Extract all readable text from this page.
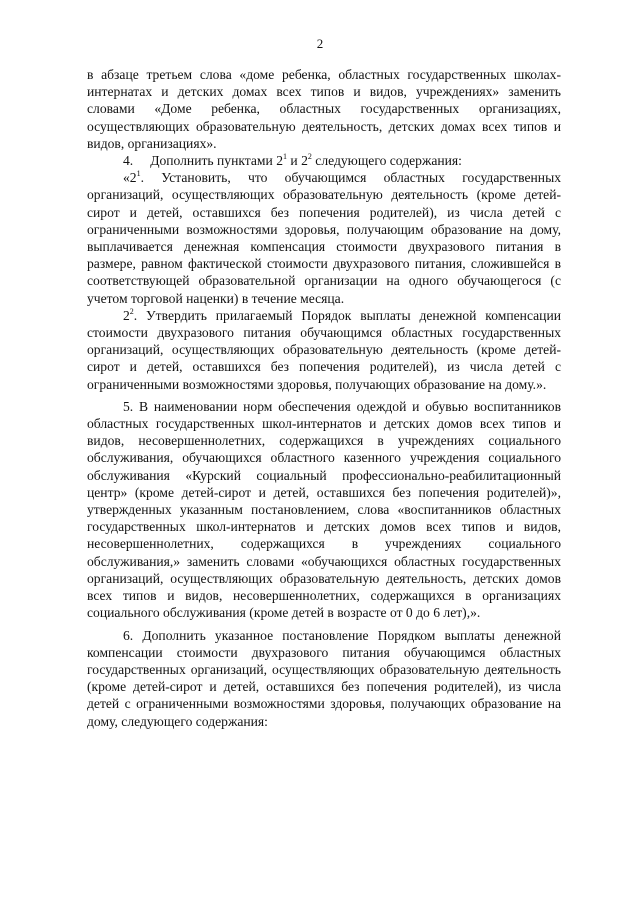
2

в абзаце третьем слова «доме ребенка, областных государственных школах-интернатах и детских домах всех типов и видов, учреждениях» заменить словами «Доме ребенка, областных государственных организациях, осуществляющих образовательную деятельность, детских домах всех типов и видов, организациях».

4.     Дополнить пунктами $2^1$ и $2^2$ следующего содержания:

«$2^1$. Установить, что обучающимся областных государственных организаций, осуществляющих образовательную деятельность (кроме детей-сирот и детей, оставшихся без попечения родителей), из числа детей с ограниченными возможностями здоровья, получающим образование на дому, выплачивается денежная компенсация стоимости двухразового питания в размере, равном фактической стоимости двухразового питания, сложившейся в соответствующей образовательной организации на одного обучающегося (с учетом торговой наценки) в течение месяца.

$2^2$. Утвердить прилагаемый Порядок выплаты денежной компенсации стоимости двухразового питания обучающимся областных государственных организаций, осуществляющих образовательную деятельность (кроме детей-сирот и детей, оставшихся без попечения родителей), из числа детей с ограниченными возможностями здоровья, получающих образование на дому.».

5. В наименовании норм обеспечения одеждой и обувью воспитанников областных государственных школ-интернатов и детских домов всех типов и видов, несовершеннолетних, содержащихся в учреждениях социального обслуживания, обучающихся областного казенного учреждения социального обслуживания «Курский социальный профессионально-реабилитационный центр» (кроме детей-сирот и детей, оставшихся без попечения родителей)», утвержденных указанным постановлением, слова «воспитанников областных государственных школ-интернатов и детских домов всех типов и видов, несовершеннолетних, содержащихся в учреждениях социального обслуживания,» заменить словами «обучающихся областных государственных организаций, осуществляющих образовательную деятельность, детских домов всех типов и видов, несовершеннолетних, содержащихся в организациях социального обслуживания (кроме детей в возрасте от 0 до 6 лет),».

6. Дополнить указанное постановление Порядком выплаты денежной компенсации стоимости двухразового питания обучающимся областных государственных организаций, осуществляющих образовательную деятельность (кроме детей-сирот и детей, оставшихся без попечения родителей), из числа детей с ограниченными возможностями здоровья, получающих образование на дому, следующего содержания:
